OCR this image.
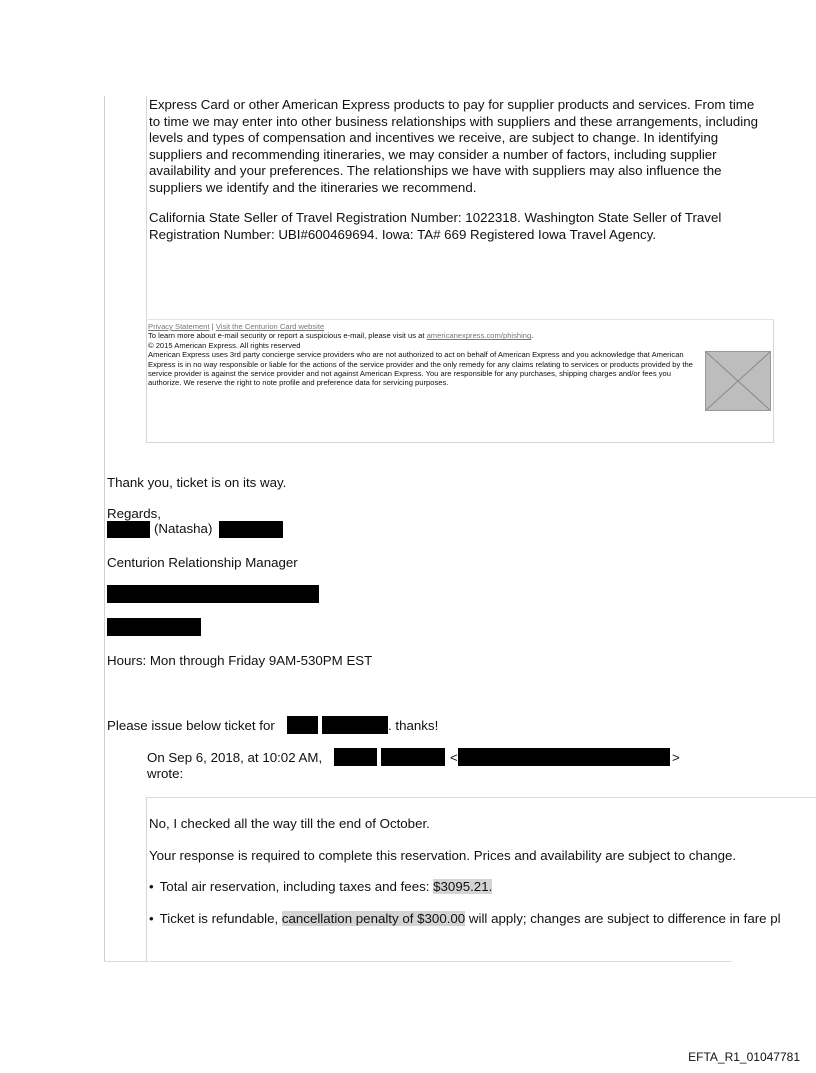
Express Card or other American Express products to pay for supplier products and services. From time to time we may enter into other business relationships with suppliers and these arrangements, including levels and types of compensation and incentives we receive, are subject to change. In identifying suppliers and recommending itineraries, we may consider a number of factors, including supplier availability and your preferences. The relationships we have with suppliers may also influence the suppliers we identify and the itineraries we recommend.
California State Seller of Travel Registration Number: 1022318. Washington State Seller of Travel Registration Number: UBI#600469694. Iowa: TA# 669 Registered Iowa Travel Agency.
Privacy Statement | Visit the Centurion Card website
To learn more about e-mail security or report a suspicious e-mail, please visit us at americanexpress.com/phishing.
© 2015 American Express. All rights reserved
American Express uses 3rd party concierge service providers who are not authorized to act on behalf of American Express and you acknowledge that American Express is in no way responsible or liable for the actions of the service provider and the only remedy for any claims relating to services or products provided by the service provider is against the service provider and not against American Express. You are responsible for any purchases, shipping charges and/or fees you authorize. We reserve the right to note profile and preference data for servicing purposes.
Thank you, ticket is on its way.
Regards,
(Natasha)
Centurion Relationship Manager
Hours: Mon through Friday 9AM-530PM EST
Please issue below ticket for	. thanks!
On Sep 6, 2018, at 10:02 AM,	<	>
wrote:
No, I checked all the way till the end of October.
Your response is required to complete this reservation. Prices and availability are subject to change.
• Total air reservation, including taxes and fees: $3095.21.
• Ticket is refundable, cancellation penalty of $300.00 will apply; changes are subject to difference in fare pl
EFTA_R1_01047781
